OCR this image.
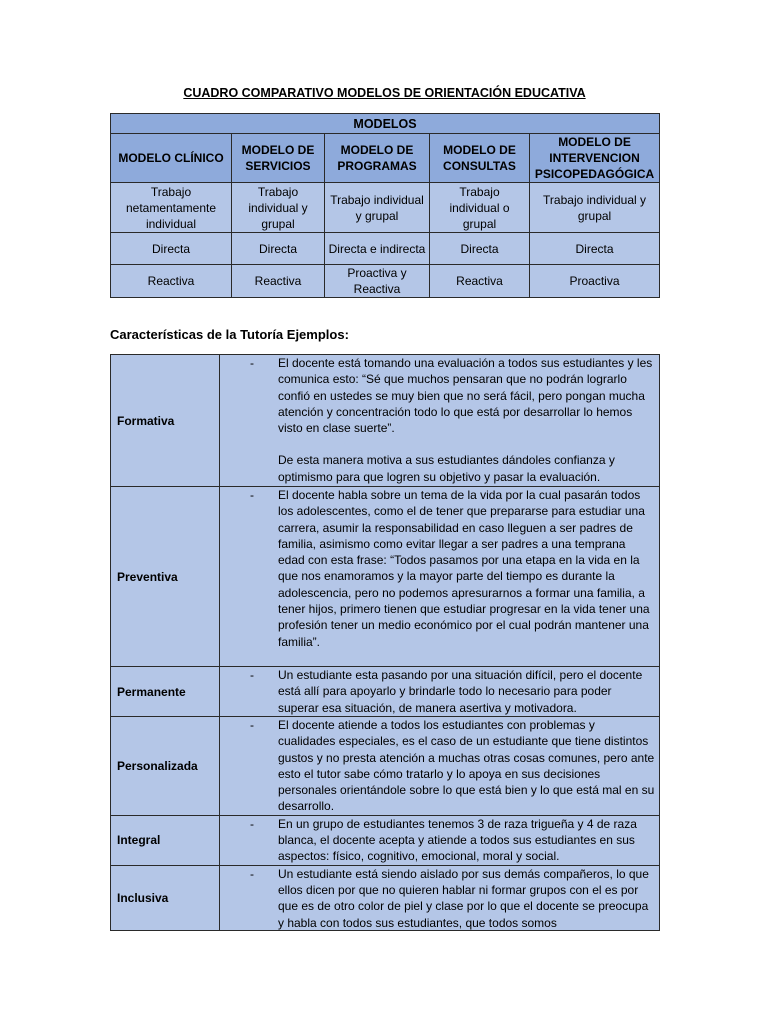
CUADRO COMPARATIVO MODELOS DE ORIENTACIÓN EDUCATIVA
MODELOS				
MODELO CLÍNICO	MODELO DE SERVICIOS	MODELO DE PROGRAMAS	MODELO DE CONSULTAS	MODELO DE INTERVENCION PSICOPEDAGÓGICA
Trabajo netamentamente individual	Trabajo individual y grupal	Trabajo individual y grupal	Trabajo individual o grupal	Trabajo individual y grupal
Directa	Directa	Directa e indirecta	Directa	Directa
Reactiva	Reactiva	Proactiva y Reactiva	Reactiva	Proactiva
Características de la Tutoría Ejemplos:
Formativa	- El docente está tomando una evaluación a todos sus estudiantes y les comunica esto: “Sé que muchos pensaran que no podrán lograrlo confió en ustedes se muy bien que no será fácil, pero pongan mucha atención y concentración todo lo que está por desarrollar lo hemos visto en clase suerte”.

De esta manera motiva a sus estudiantes dándoles confianza y optimismo para que logren su objetivo y pasar la evaluación.

Preventiva	- El docente habla sobre un tema de la vida por la cual pasarán todos los adolescentes, como el de tener que prepararse para estudiar una carrera, asumir la responsabilidad en caso lleguen a ser padres de familia, asimismo como evitar llegar a ser padres a una temprana edad con esta frase: “Todos pasamos por una etapa en la vida en la que nos enamoramos y la mayor parte del tiempo es durante la adolescencia, pero no podemos apresurarnos a formar una familia, a tener hijos, primero tienen que estudiar progresar en la vida tener una profesión tener un medio económico por el cual podrán mantener una familia”.

Permanente	- Un estudiante esta pasando por una situación difícil, pero el docente está allí para apoyarlo y brindarle todo lo necesario para poder superar esa situación, de manera asertiva y motivadora.

Personalizada	- El docente atiende a todos los estudiantes con problemas y cualidades especiales, es el caso de un estudiante que tiene distintos gustos y no presta atención a muchas otras cosas comunes, pero ante esto el tutor sabe cómo tratarlo y lo apoya en sus decisiones personales orientándole sobre lo que está bien y lo que está mal en su desarrollo.

Integral	- En un grupo de estudiantes tenemos 3 de raza trigueña y 4 de raza blanca, el docente acepta y atiende a todos sus estudiantes en sus aspectos: físico, cognitivo, emocional, moral y social.

Inclusiva	- Un estudiante está siendo aislado por sus demás compañeros, lo que ellos dicen por que no quieren hablar ni formar grupos con el es por que es de otro color de piel y clase por lo que el docente se preocupa y habla con todos sus estudiantes, que todos somos
